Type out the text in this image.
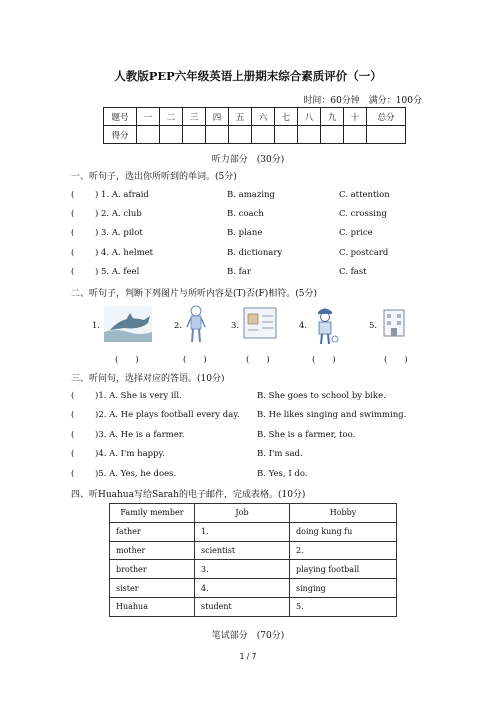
人教版PEP六年级英语上册期末综合素质评价（一）
时间：60分钟　满分：100分
题号	一	二	三	四	五	六	七	八	九	十	总分
得分											
听力部分　(30分)
一、听句子，选出你所听到的单词。(5分)
( ) 1. A. afraid	B. amazing	C. attention
( ) 2. A. club	B. coach	C. crossing
( ) 3. A. pilot	B. plane	C. price
( ) 4. A. helmet	B. dictionary	C. postcard
( ) 5. A. feel	B. far	C. fast
二、听句子，判断下列图片与所听内容是(T)否(F)相符。(5分)
1.	2.	3.	4.	5.
(　　)	(　　)	(　　)	(　　)	(　　)
三、听问句，选择对应的答语。(10分)
( )1. A. She is very ill.	B. She goes to school by bike.
( )2. A. He plays football every day. B. He likes singing and swimming.
( )3. A. He is a farmer.	B. She is a farmer, too.
( )4. A. I'm happy.	B. I'm sad.
( )5. A. Yes, he does.	B. Yes, I do.
四、听Huahua写给Sarah的电子邮件，完成表格。(10分)
Family member	Job	Hobby
father	1.	doing kung fu
mother	scientist	2.
brother	3.	playing football
sister	4.	singing
Huahua	student	5.
笔试部分　(70分)
1 / 7
